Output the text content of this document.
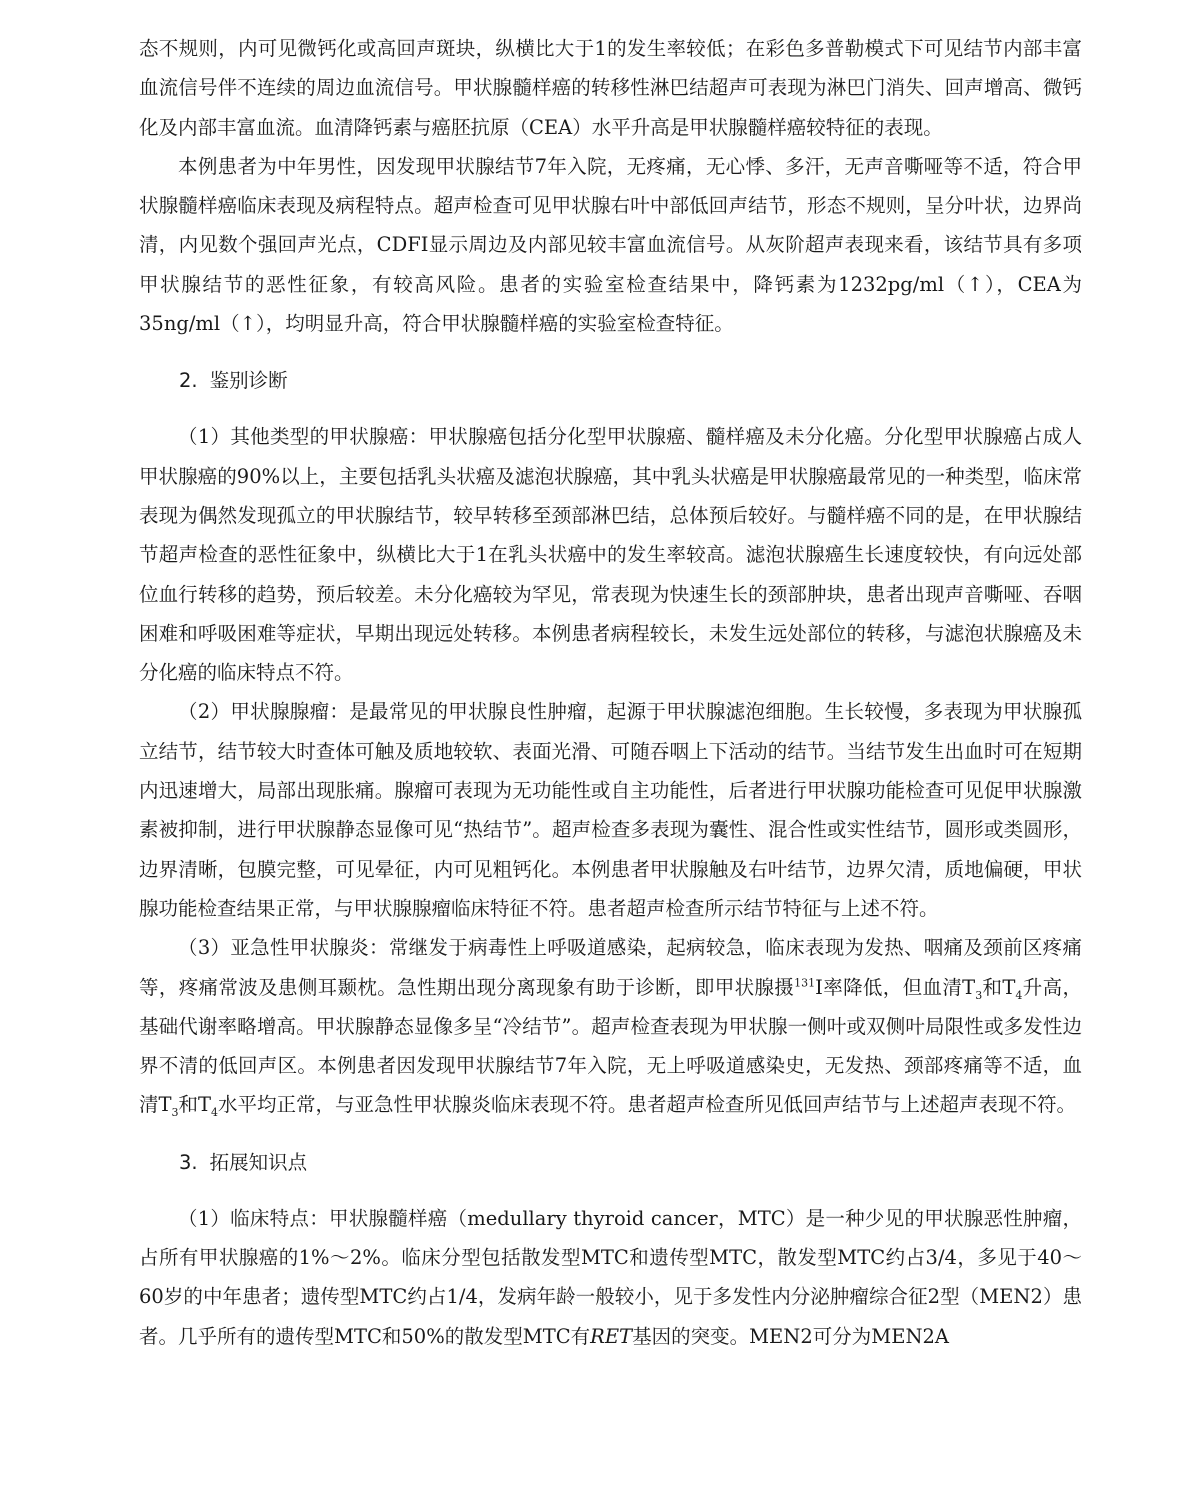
态不规则，内可见微钙化或高回声斑块，纵横比大于1的发生率较低；在彩色多普勒模式下可见结节内部丰富血流信号伴不连续的周边血流信号。甲状腺髓样癌的转移性淋巴结超声可表现为淋巴门消失、回声增高、微钙化及内部丰富血流。血清降钙素与癌胚抗原（CEA）水平升高是甲状腺髓样癌较特征的表现。

本例患者为中年男性，因发现甲状腺结节7年入院，无疼痛，无心悸、多汗，无声音嘶哑等不适，符合甲状腺髓样癌临床表现及病程特点。超声检查可见甲状腺右叶中部低回声结节，形态不规则，呈分叶状，边界尚清，内见数个强回声光点，CDFI显示周边及内部见较丰富血流信号。从灰阶超声表现来看，该结节具有多项甲状腺结节的恶性征象，有较高风险。患者的实验室检查结果中，降钙素为1232pg/ml（↑），CEA为35ng/ml（↑），均明显升高，符合甲状腺髓样癌的实验室检查特征。

2. 鉴别诊断

（1）其他类型的甲状腺癌：甲状腺癌包括分化型甲状腺癌、髓样癌及未分化癌。分化型甲状腺癌占成人甲状腺癌的90%以上，主要包括乳头状癌及滤泡状腺癌，其中乳头状癌是甲状腺癌最常见的一种类型，临床常表现为偶然发现孤立的甲状腺结节，较早转移至颈部淋巴结，总体预后较好。与髓样癌不同的是，在甲状腺结节超声检查的恶性征象中，纵横比大于1在乳头状癌中的发生率较高。滤泡状腺癌生长速度较快，有向远处部位血行转移的趋势，预后较差。未分化癌较为罕见，常表现为快速生长的颈部肿块，患者出现声音嘶哑、吞咽困难和呼吸困难等症状，早期出现远处转移。本例患者病程较长，未发生远处部位的转移，与滤泡状腺癌及未分化癌的临床特点不符。

（2）甲状腺腺瘤：是最常见的甲状腺良性肿瘤，起源于甲状腺滤泡细胞。生长较慢，多表现为甲状腺孤立结节，结节较大时查体可触及质地较软、表面光滑、可随吞咽上下活动的结节。当结节发生出血时可在短期内迅速增大，局部出现胀痛。腺瘤可表现为无功能性或自主功能性，后者进行甲状腺功能检查可见促甲状腺激素被抑制，进行甲状腺静态显像可见“热结节”。超声检查多表现为囊性、混合性或实性结节，圆形或类圆形，边界清晰，包膜完整，可见晕征，内可见粗钙化。本例患者甲状腺触及右叶结节，边界欠清，质地偏硬，甲状腺功能检查结果正常，与甲状腺腺瘤临床特征不符。患者超声检查所示结节特征与上述不符。

（3）亚急性甲状腺炎：常继发于病毒性上呼吸道感染，起病较急，临床表现为发热、咽痛及颈前区疼痛等，疼痛常波及患侧耳颞枕。急性期出现分离现象有助于诊断，即甲状腺摄$^{131}$I率降低，但血清$T_3$和$T_4$升高，基础代谢率略增高。甲状腺静态显像多呈“冷结节”。超声检查表现为甲状腺一侧叶或双侧叶局限性或多发性边界不清的低回声区。本例患者因发现甲状腺结节7年入院，无上呼吸道感染史，无发热、颈部疼痛等不适，血清$T_3$和$T_4$水平均正常，与亚急性甲状腺炎临床表现不符。患者超声检查所见低回声结节与上述超声表现不符。

3. 拓展知识点

（1）临床特点：甲状腺髓样癌（medullary thyroid cancer，MTC）是一种少见的甲状腺恶性肿瘤，占所有甲状腺癌的1%～2%。临床分型包括散发型MTC和遗传型MTC，散发型MTC约占3/4，多见于40～60岁的中年患者；遗传型MTC约占1/4，发病年龄一般较小，见于多发性内分泌肿瘤综合征2型（MEN2）患者。几乎所有的遗传型MTC和50%的散发型MTC有RET基因的突变。MEN2可分为MEN2A
